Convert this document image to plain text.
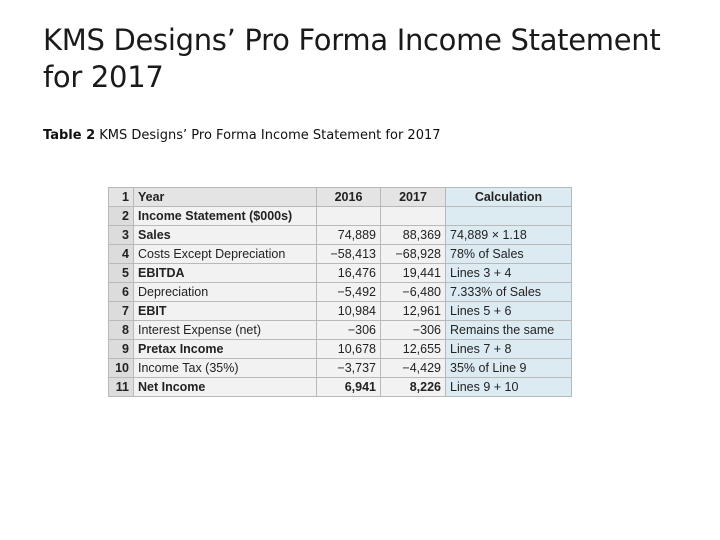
KMS Designs’ Pro Forma Income Statement
for 2017
Table 2 KMS Designs’ Pro Forma Income Statement for 2017
1	Year	2016	2017	Calculation
2	Income Statement ($000s)			
3	Sales	74,889	88,369	74,889 × 1.18
4	Costs Except Depreciation	−58,413	−68,928	78% of Sales
5	EBITDA	16,476	19,441	Lines 3 + 4
6	Depreciation	−5,492	−6,480	7.333% of Sales
7	EBIT	10,984	12,961	Lines 5 + 6
8	Interest Expense (net)	−306	−306	Remains the same
9	Pretax Income	10,678	12,655	Lines 7 + 8
10	Income Tax (35%)	−3,737	−4,429	35% of Line 9
11	Net Income	6,941	8,226	Lines 9 + 10
